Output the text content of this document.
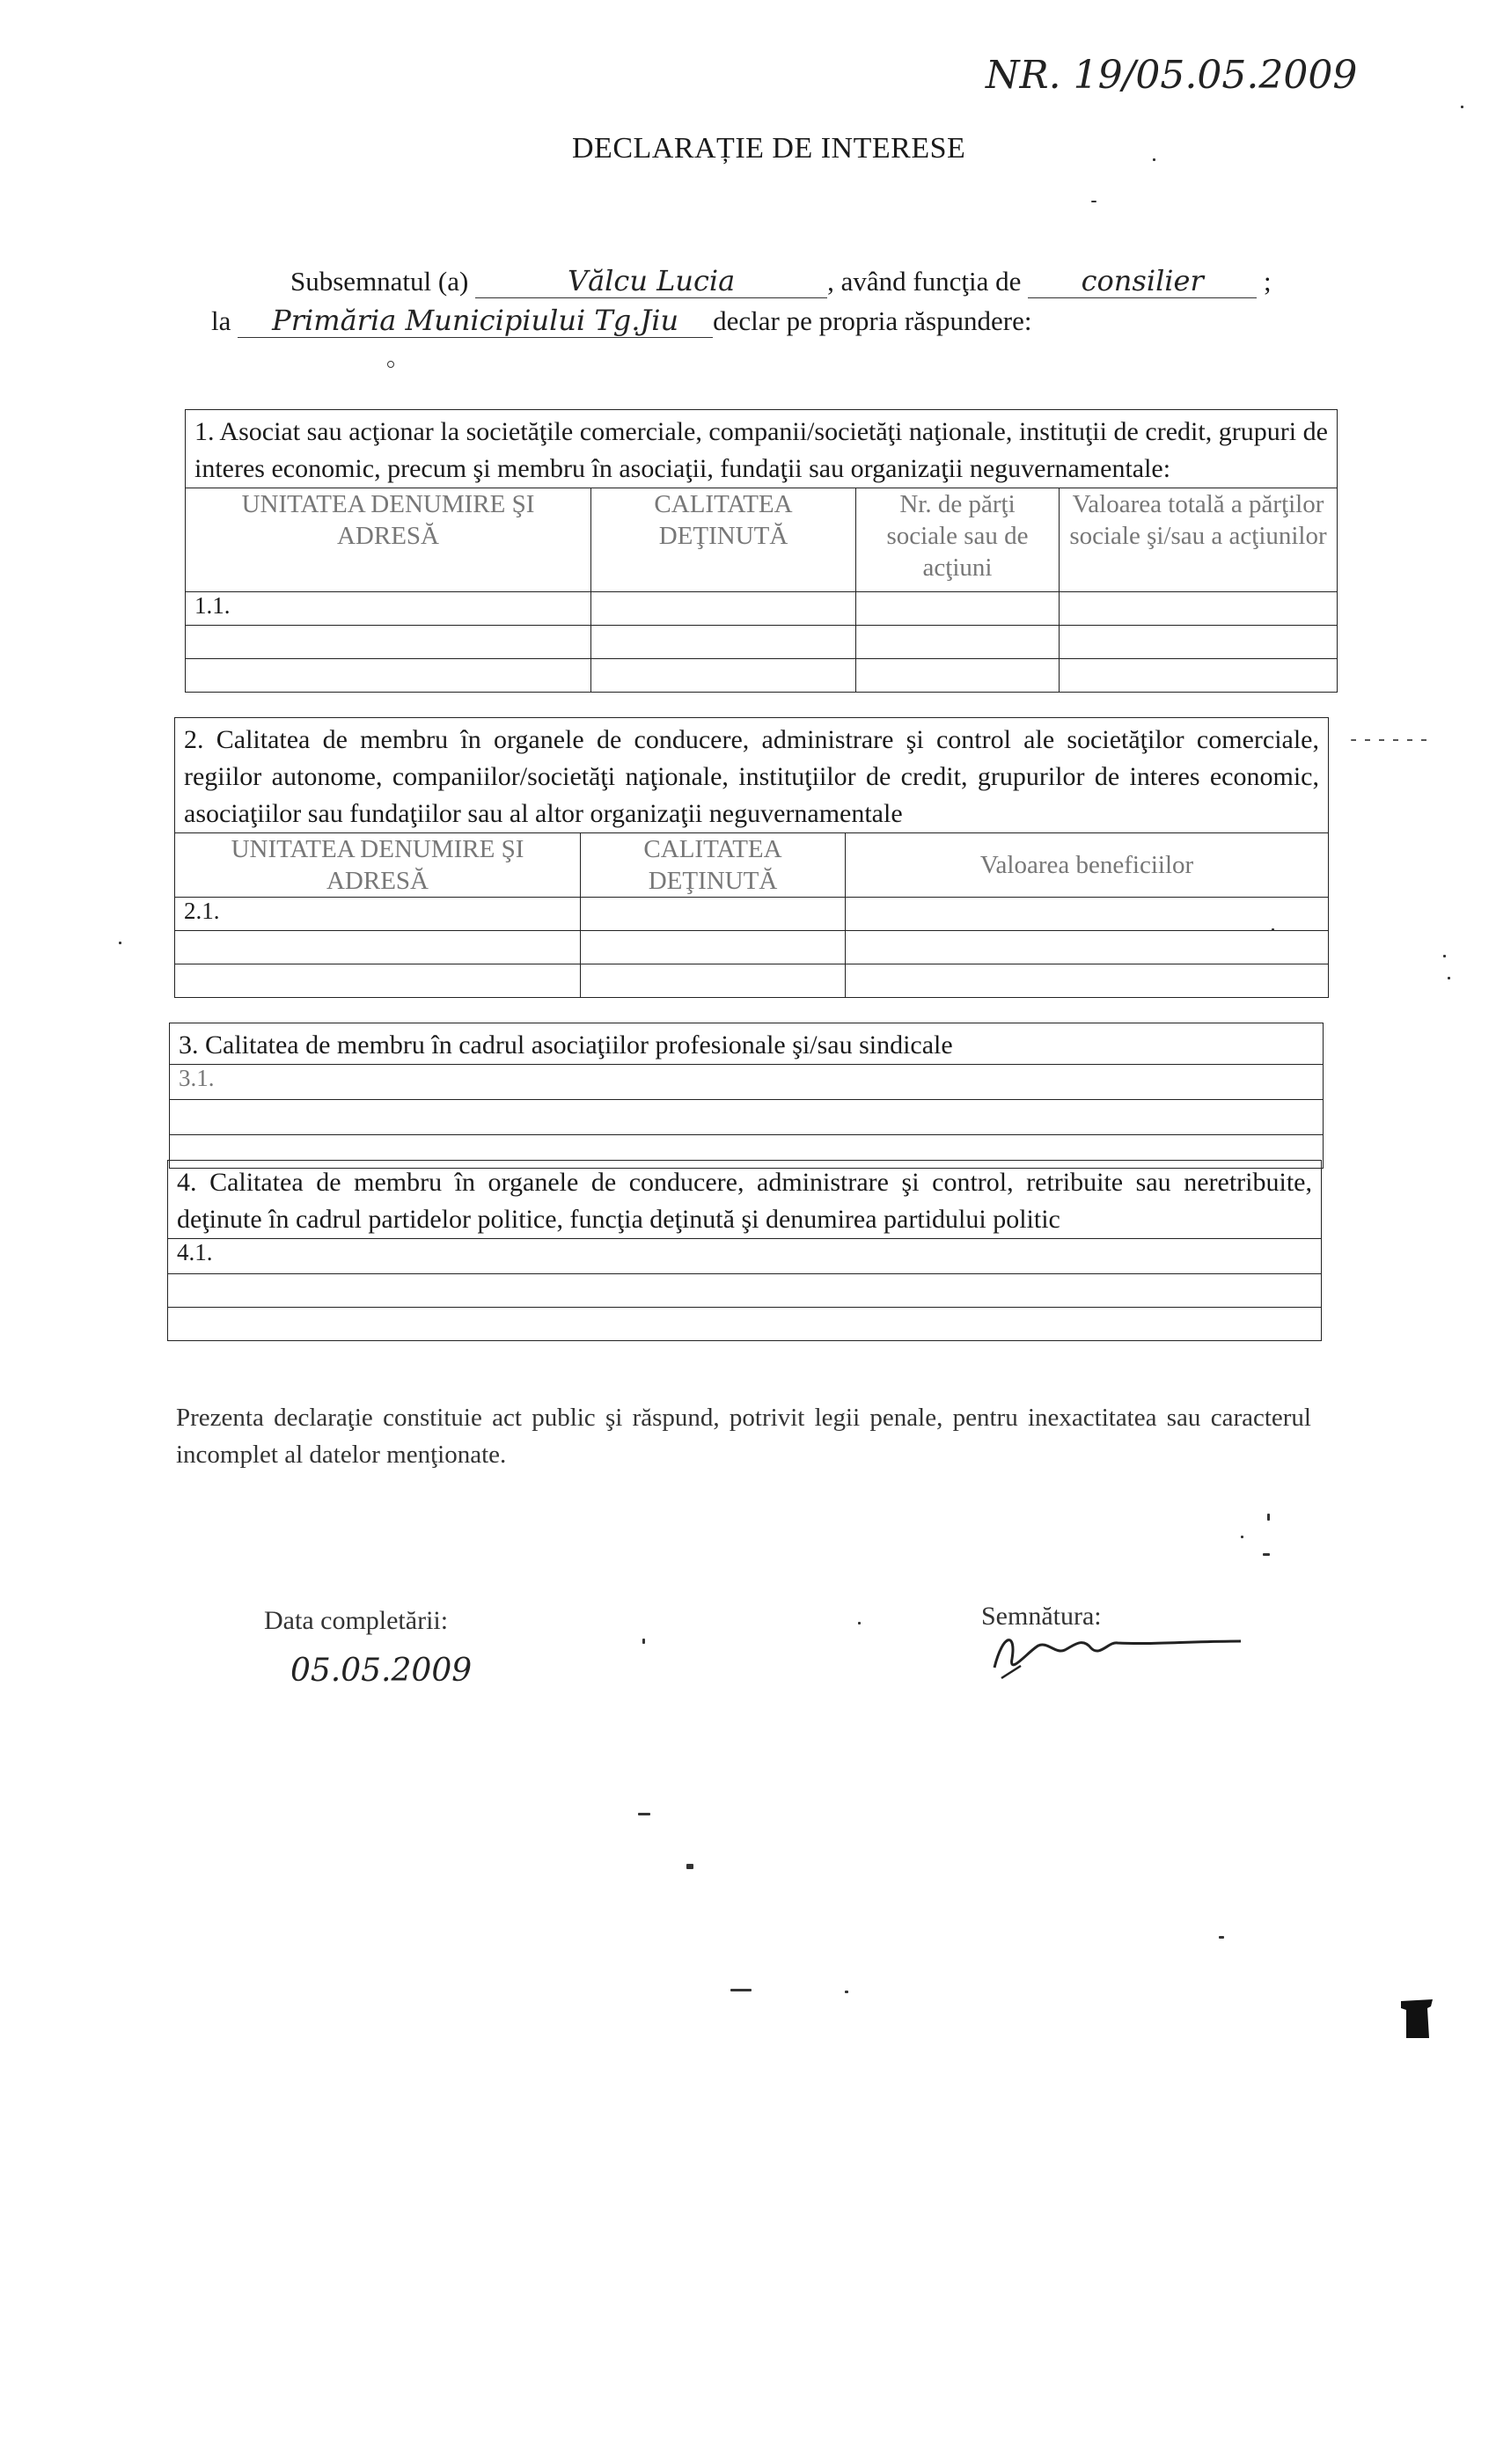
NR. 19/05.05.2009
DECLARAȚIE DE INTERESE
Subsemnatul (a)	Vălcu Lucia	, având funcţia de consilier ;
la Primăria Municipiului Tg.Jiu declar pe propria răspundere:
1. Asociat sau acţionar la societăţile comerciale, companii/societăţi naţionale, instituţii de credit, grupuri de interes economic, precum şi membru în asociaţii, fundaţii sau organizaţii neguvernamentale:			
UNITATEA DENUMIRE ŞI ADRESĂ	CALITATEA DEŢINUTĂ	Nr. de părţi sociale sau de acţiuni	Valoarea totală a părţilor sociale şi/sau a acţiunilor
1.1.			

2. Calitatea de membru în organele de conducere, administrare şi control ale societăţilor comerciale, regiilor autonome, companiilor/societăţi naţionale, instituţiilor de credit, grupurilor de interes economic, asociaţiilor sau fundaţiilor sau al altor organizaţii neguvernamentale		
UNITATEA DENUMIRE ŞI ADRESĂ	CALITATEA DEŢINUTĂ	Valoarea beneficiilor
2.1.		

3. Calitatea de membru în cadrul asociaţiilor profesionale şi/sau sindicale
3.1.

4. Calitatea de membru în organele de conducere, administrare şi control, retribuite sau neretribuite, deţinute în cadrul partidelor politice, funcţia deţinută şi denumirea partidului politic
4.1.

Prezenta declaraţie constituie act public şi răspund, potrivit legii penale, pentru inexactitatea sau caracterul incomplet al datelor menţionate.
Data completării:
05.05.2009
Semnătura:
